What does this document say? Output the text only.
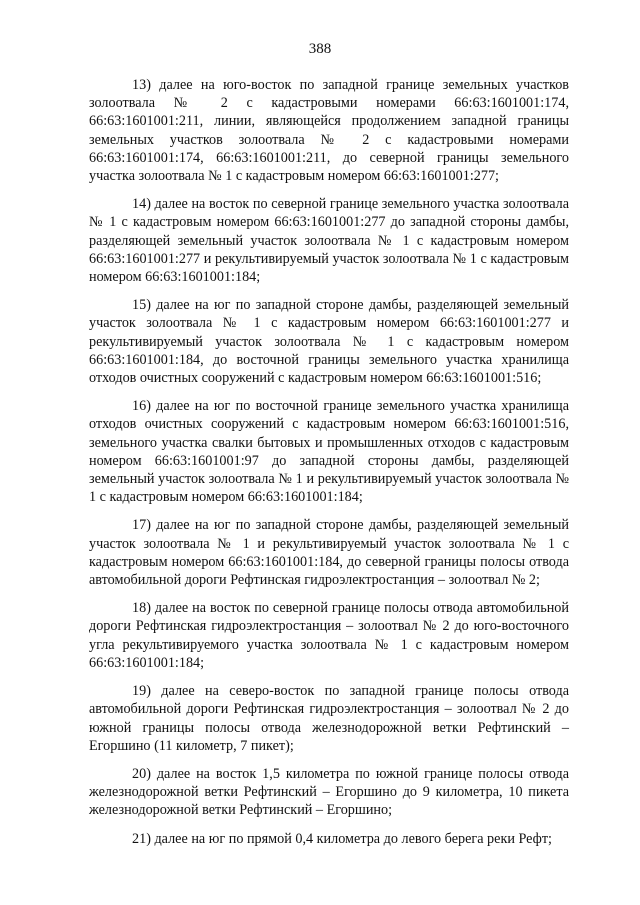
388

13) далее на юго-восток по западной границе земельных участков золоотвала № 2 с кадастровыми номерами 66:63:1601001:174, 66:63:1601001:211, линии, являющейся продолжением западной границы земельных участков золоотвала № 2 с кадастровыми номерами 66:63:1601001:174, 66:63:1601001:211, до северной границы земельного участка золоотвала № 1 с кадастровым номером 66:63:1601001:277;

14) далее на восток по северной границе земельного участка золоотвала № 1 с кадастровым номером 66:63:1601001:277 до западной стороны дамбы, разделяющей земельный участок золоотвала № 1 с кадастровым номером 66:63:1601001:277 и рекультивируемый участок золоотвала № 1 с кадастровым номером 66:63:1601001:184;

15) далее на юг по западной стороне дамбы, разделяющей земельный участок золоотвала № 1 с кадастровым номером 66:63:1601001:277 и рекультивируемый участок золоотвала № 1 с кадастровым номером 66:63:1601001:184, до восточной границы земельного участка хранилища отходов очистных сооружений с кадастровым номером 66:63:1601001:516;

16) далее на юг по восточной границе земельного участка хранилища отходов очистных сооружений с кадастровым номером 66:63:1601001:516, земельного участка свалки бытовых и промышленных отходов с кадастровым номером 66:63:1601001:97 до западной стороны дамбы, разделяющей земельный участок золоотвала № 1 и рекультивируемый участок золоотвала № 1 с кадастровым номером 66:63:1601001:184;

17) далее на юг по западной стороне дамбы, разделяющей земельный участок золоотвала № 1 и рекультивируемый участок золоотвала № 1 с кадастровым номером 66:63:1601001:184, до северной границы полосы отвода автомобильной дороги Рефтинская гидроэлектростанция – золоотвал № 2;

18) далее на восток по северной границе полосы отвода автомобильной дороги Рефтинская гидроэлектростанция – золоотвал № 2 до юго-восточного угла рекультивируемого участка золоотвала № 1 с кадастровым номером 66:63:1601001:184;

19) далее на северо-восток по западной границе полосы отвода автомобильной дороги Рефтинская гидроэлектростанция – золоотвал № 2 до южной границы полосы отвода железнодорожной ветки Рефтинский – Егоршино (11 километр, 7 пикет);

20) далее на восток 1,5 километра по южной границе полосы отвода железнодорожной ветки Рефтинский – Егоршино до 9 километра, 10 пикета железнодорожной ветки Рефтинский – Егоршино;

21) далее на юг по прямой 0,4 километра до левого берега реки Рефт;
